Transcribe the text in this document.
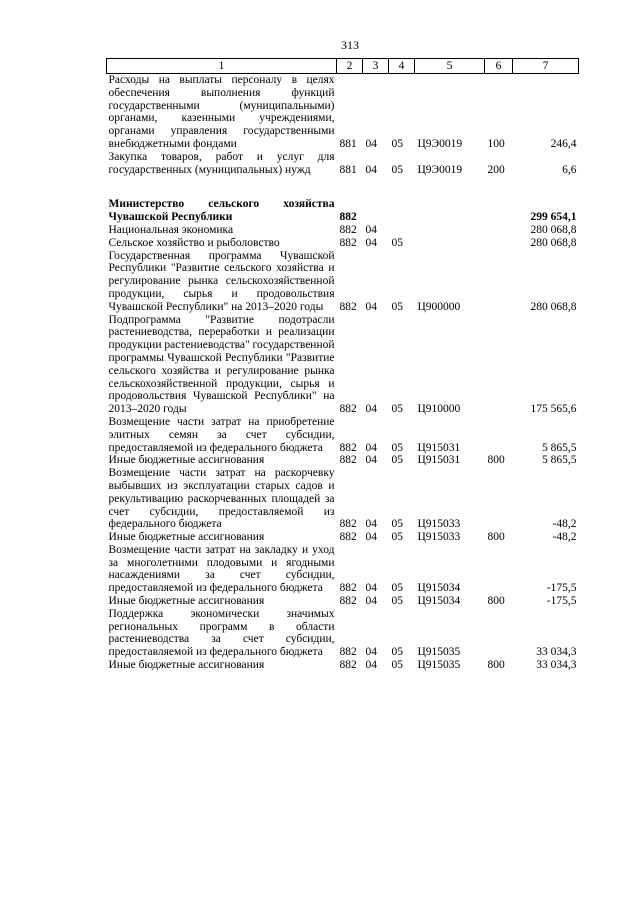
313
1	2	3	4	5	6	7
Расходы на выплаты персоналу в целях обеспечения выполнения функций государственными (муниципальными) органами, казенными учреждениями, органами управления государственными внебюджетными фондами	881	04	05	Ц9Э0019	100	246,4
Закупка товаров, работ и услуг для государственных (муниципальных) нужд	881	04	05	Ц9Э0019	200	6,6

Министерство сельского хозяйства Чувашской Республики	882					299 654,1
Национальная экономика	882	04				280 068,8
Сельское хозяйство и рыболовство	882	04	05			280 068,8
Государственная программа Чувашской Республики "Развитие сельского хозяйства и регулирование рынка сельскохозяйственной продукции, сырья и продовольствия Чувашской Республики" на 2013–2020 годы	882	04	05	Ц900000		280 068,8
Подпрограмма "Развитие подотрасли растениеводства, переработки и реализации продукции растениеводства" государственной программы Чувашской Республики "Развитие сельского хозяйства и регулирование рынка сельскохозяйственной продукции, сырья и продовольствия Чувашской Республики" на 2013–2020 годы	882	04	05	Ц910000		175 565,6
Возмещение части затрат на приобретение элитных семян за счет субсидии, предоставляемой из федерального бюджета	882	04	05	Ц915031		5 865,5
Иные бюджетные ассигнования	882	04	05	Ц915031	800	5 865,5
Возмещение части затрат на раскорчевку выбывших из эксплуатации старых садов и рекультивацию раскорчеванных площадей за счет субсидии, предоставляемой из федерального бюджета	882	04	05	Ц915033		-48,2
Иные бюджетные ассигнования	882	04	05	Ц915033	800	-48,2
Возмещение части затрат на закладку и уход за многолетними плодовыми и ягодными насаждениями за счет субсидии, предоставляемой из федерального бюджета	882	04	05	Ц915034		-175,5
Иные бюджетные ассигнования	882	04	05	Ц915034	800	-175,5
Поддержка экономически значимых региональных программ в области растениеводства за счет субсидии, предоставляемой из федерального бюджета	882	04	05	Ц915035		33 034,3
Иные бюджетные ассигнования	882	04	05	Ц915035	800	33 034,3
